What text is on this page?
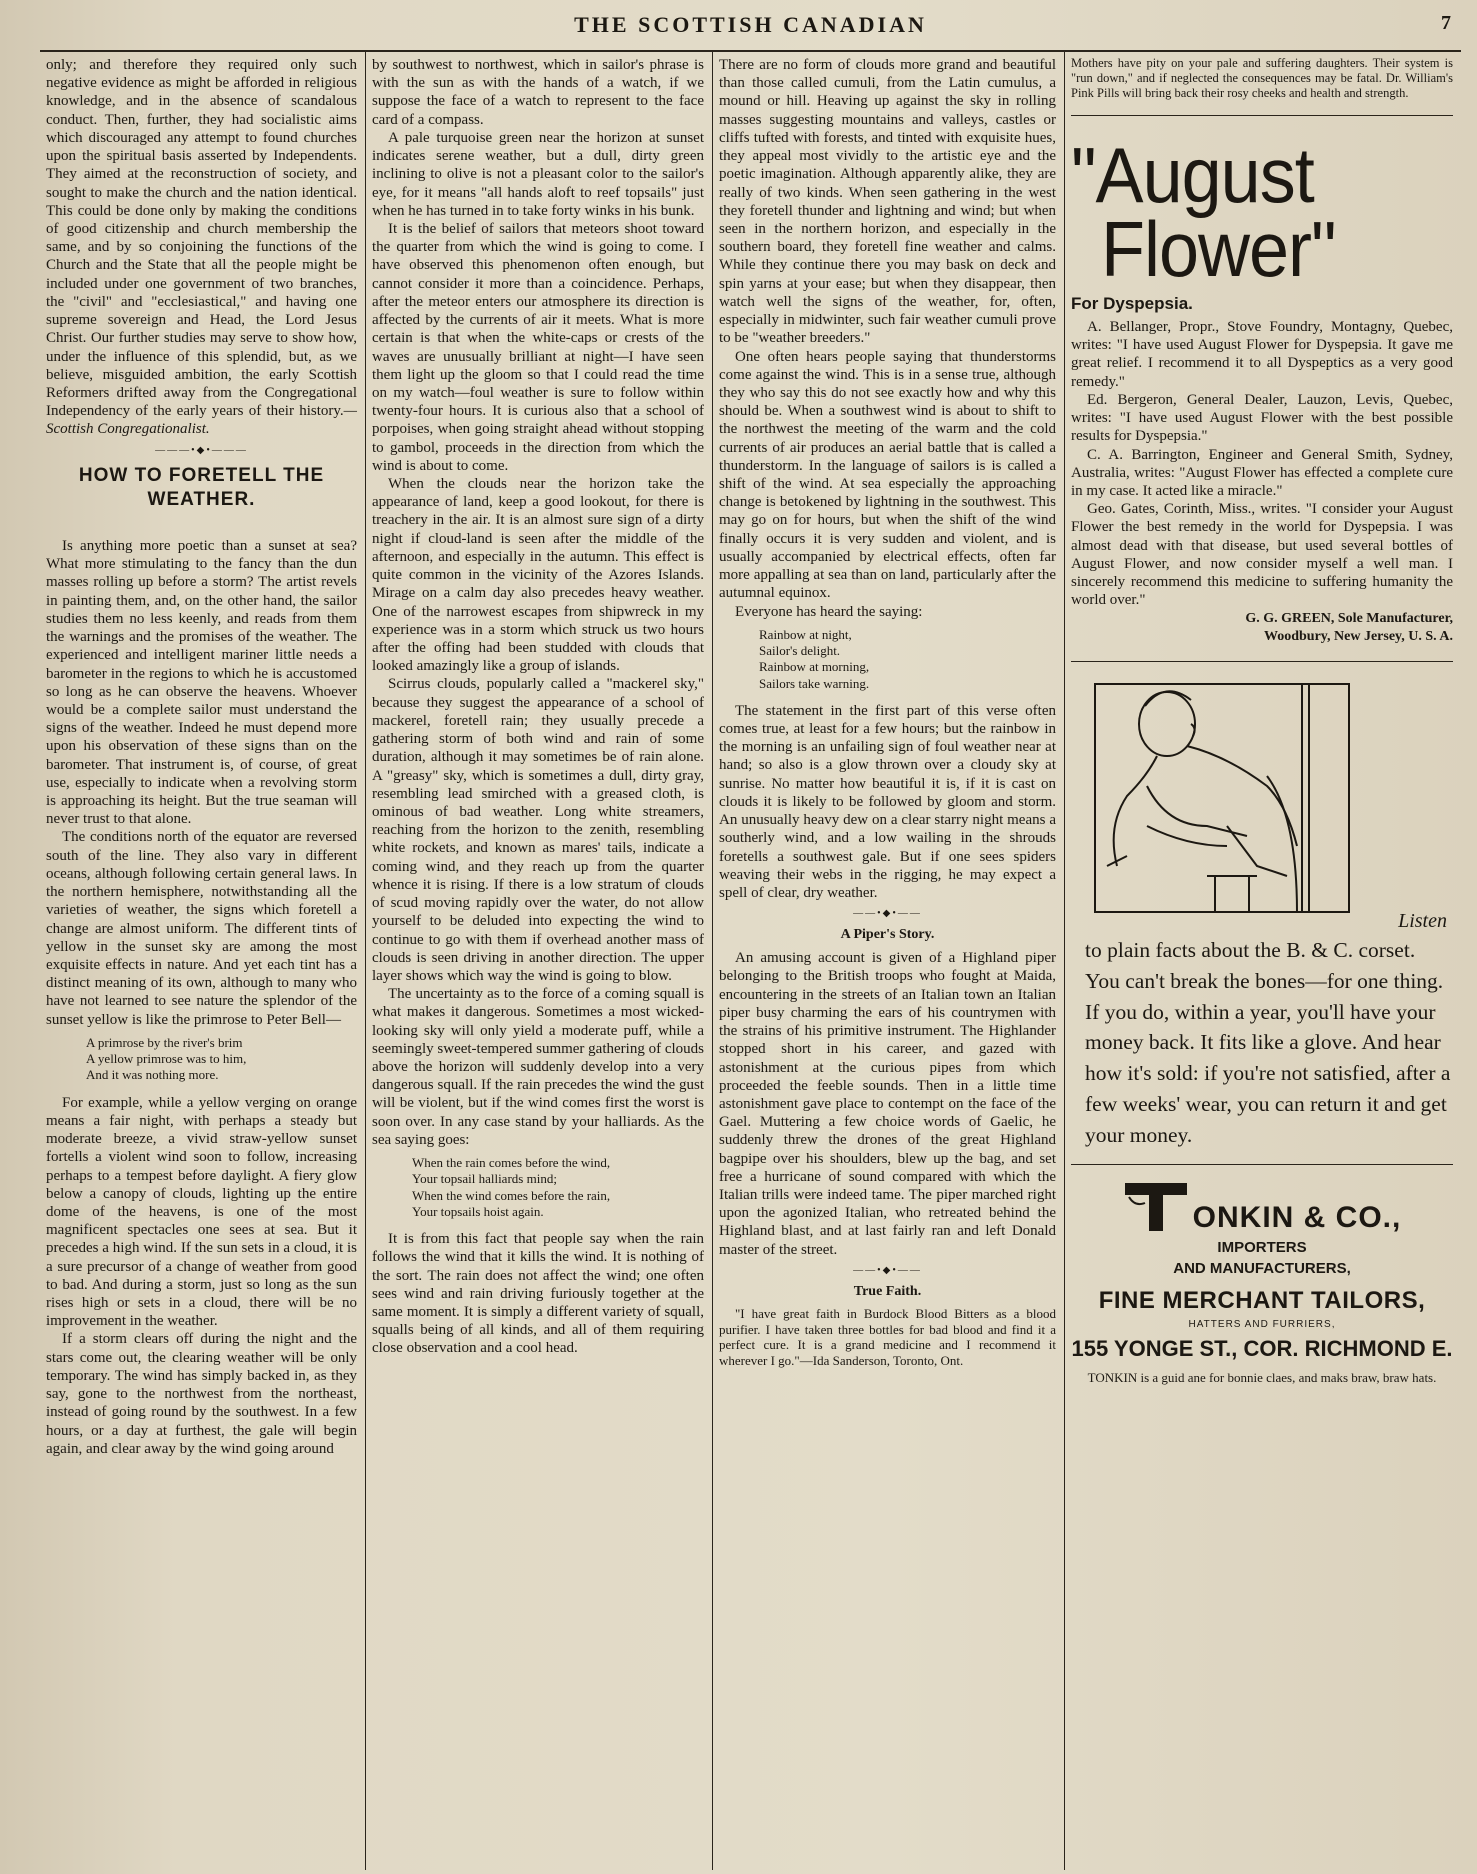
THE SCOTTISH CANADIAN	7

only; and therefore they required only such negative evidence as might be afforded in religious knowledge, and in the absence of scandalous conduct. Then, further, they had socialistic aims which discouraged any attempt to found churches upon the spiritual basis asserted by Independents. They aimed at the reconstruction of society, and sought to make the church and the nation identical. This could be done only by making the conditions of good citizenship and church membership the same, and by so conjoining the functions of the Church and the State that all the people might be included under one government of two branches, the "civil" and "ecclesiastical," and having one supreme sovereign and Head, the Lord Jesus Christ. Our further studies may serve to show how, under the influence of this splendid, but, as we believe, misguided ambition, the early Scottish Reformers drifted away from the Congregational Independency of the early years of their history.—Scottish Congregationalist.

———•◆•———
HOW TO FORETELL THE WEATHER.

Is anything more poetic than a sunset at sea? What more stimulating to the fancy than the dun masses rolling up before a storm? The artist revels in painting them, and, on the other hand, the sailor studies them no less keenly, and reads from them the warnings and the promises of the weather. The experienced and intelligent mariner little needs a barometer in the regions to which he is accustomed so long as he can observe the heavens. Whoever would be a complete sailor must understand the signs of the weather. Indeed he must depend more upon his observation of these signs than on the barometer. That instrument is, of course, of great use, especially to indicate when a revolving storm is approaching its height. But the true seaman will never trust to that alone.

The conditions north of the equator are reversed south of the line. They also vary in different oceans, although following certain general laws. In the northern hemisphere, notwithstanding all the varieties of weather, the signs which foretell a change are almost uniform. The different tints of yellow in the sunset sky are among the most exquisite effects in nature. And yet each tint has a distinct meaning of its own, although to many who have not learned to see nature the splendor of the sunset yellow is like the primrose to Peter Bell—

A primrose by the river's brim
A yellow primrose was to him,
And it was nothing more.

For example, while a yellow verging on orange means a fair night, with perhaps a steady but moderate breeze, a vivid straw-yellow sunset fortells a violent wind soon to follow, increasing perhaps to a tempest before daylight. A fiery glow below a canopy of clouds, lighting up the entire dome of the heavens, is one of the most magnificent spectacles one sees at sea. But it precedes a high wind. If the sun sets in a cloud, it is a sure precursor of a change of weather from good to bad. And during a storm, just so long as the sun rises high or sets in a cloud, there will be no improvement in the weather.

If a storm clears off during the night and the stars come out, the clearing weather will be only temporary. The wind has simply backed in, as they say, gone to the northwest from the northeast, instead of going round by the southwest. In a few hours, or a day at furthest, the gale will begin again, and clear away by the wind going around

by southwest to northwest, which in sailor's phrase is with the sun as with the hands of a watch, if we suppose the face of a watch to represent to the face card of a compass.

A pale turquoise green near the horizon at sunset indicates serene weather, but a dull, dirty green inclining to olive is not a pleasant color to the sailor's eye, for it means "all hands aloft to reef topsails" just when he has turned in to take forty winks in his bunk.

It is the belief of sailors that meteors shoot toward the quarter from which the wind is going to come. I have observed this phenomenon often enough, but cannot consider it more than a coincidence. Perhaps, after the meteor enters our atmosphere its direction is affected by the currents of air it meets. What is more certain is that when the white-caps or crests of the waves are unusually brilliant at night—I have seen them light up the gloom so that I could read the time on my watch—foul weather is sure to follow within twenty-four hours. It is curious also that a school of porpoises, when going straight ahead without stopping to gambol, proceeds in the direction from which the wind is about to come.

When the clouds near the horizon take the appearance of land, keep a good lookout, for there is treachery in the air. It is an almost sure sign of a dirty night if cloud-land is seen after the middle of the afternoon, and especially in the autumn. This effect is quite common in the vicinity of the Azores Islands. Mirage on a calm day also precedes heavy weather. One of the narrowest escapes from shipwreck in my experience was in a storm which struck us two hours after the offing had been studded with clouds that looked amazingly like a group of islands.

Scirrus clouds, popularly called a "mackerel sky," because they suggest the appearance of a school of mackerel, foretell rain; they usually precede a gathering storm of both wind and rain of some duration, although it may sometimes be of rain alone. A "greasy" sky, which is sometimes a dull, dirty gray, resembling lead smirched with a greased cloth, is ominous of bad weather. Long white streamers, reaching from the horizon to the zenith, resembling white rockets, and known as mares' tails, indicate a coming wind, and they reach up from the quarter whence it is rising. If there is a low stratum of clouds of scud moving rapidly over the water, do not allow yourself to be deluded into expecting the wind to continue to go with them if overhead another mass of clouds is seen driving in another direction. The upper layer shows which way the wind is going to blow.

The uncertainty as to the force of a coming squall is what makes it dangerous. Sometimes a most wicked-looking sky will only yield a moderate puff, while a seemingly sweet-tempered summer gathering of clouds above the horizon will suddenly develop into a very dangerous squall. If the rain precedes the wind the gust will be violent, but if the wind comes first the worst is soon over. In any case stand by your halliards. As the sea saying goes:

When the rain comes before the wind,
Your topsail halliards mind;
When the wind comes before the rain,
Your topsails hoist again.

It is from this fact that people say when the rain follows the wind that it kills the wind. It is nothing of the sort. The rain does not affect the wind; one often sees wind and rain driving furiously together at the same moment. It is simply a different variety of squall, squalls being of all kinds, and all of them requiring close observation and a cool head.

There are no form of clouds more grand and beautiful than those called cumuli, from the Latin cumulus, a mound or hill. Heaving up against the sky in rolling masses suggesting mountains and valleys, castles or cliffs tufted with forests, and tinted with exquisite hues, they appeal most vividly to the artistic eye and the poetic imagination. Although apparently alike, they are really of two kinds. When seen gathering in the west they foretell thunder and lightning and wind; but when seen in the northern horizon, and especially in the southern board, they foretell fine weather and calms. While they continue there you may bask on deck and spin yarns at your ease; but when they disappear, then watch well the signs of the weather, for, often, especially in midwinter, such fair weather cumuli prove to be "weather breeders."

One often hears people saying that thunderstorms come against the wind. This is in a sense true, although they who say this do not see exactly how and why this should be. When a southwest wind is about to shift to the northwest the meeting of the warm and the cold currents of air produces an aerial battle that is called a thunderstorm. In the language of sailors is is called a shift of the wind. At sea especially the approaching change is betokened by lightning in the southwest. This may go on for hours, but when the shift of the wind finally occurs it is very sudden and violent, and is usually accompanied by electrical effects, often far more appalling at sea than on land, particularly after the autumnal equinox.

Everyone has heard the saying:

Rainbow at night,
Sailor's delight.
Rainbow at morning,
Sailors take warning.

The statement in the first part of this verse often comes true, at least for a few hours; but the rainbow in the morning is an unfailing sign of foul weather near at hand; so also is a glow thrown over a cloudy sky at sunrise. No matter how beautiful it is, if it is cast on clouds it is likely to be followed by gloom and storm. An unusually heavy dew on a clear starry night means a southerly wind, and a low wailing in the shrouds foretells a southwest gale. But if one sees spiders weaving their webs in the rigging, he may expect a spell of clear, dry weather.

——•◆•——
A Piper's Story.

An amusing account is given of a Highland piper belonging to the British troops who fought at Maida, encountering in the streets of an Italian town an Italian piper busy charming the ears of his countrymen with the strains of his primitive instrument. The Highlander stopped short in his career, and gazed with astonishment at the curious pipes from which proceeded the feeble sounds. Then in a little time astonishment gave place to contempt on the face of the Gael. Muttering a few choice words of Gaelic, he suddenly threw the drones of the great Highland bagpipe over his shoulders, blew up the bag, and set free a hurricane of sound compared with which the Italian trills were indeed tame. The piper marched right upon the agonized Italian, who retreated behind the Highland blast, and at last fairly ran and left Donald master of the street.

——•◆•——
True Faith.

"I have great faith in Burdock Blood Bitters as a blood purifier. I have taken three bottles for bad blood and find it a perfect cure. It is a grand medicine and I recommend it wherever I go."—Ida Sanderson, Toronto, Ont.

Mothers have pity on your pale and suffering daughters. Their system is "run down," and if neglected the consequences may be fatal. Dr. William's Pink Pills will bring back their rosy cheeks and health and strength.
"August
Flower"
For Dyspepsia.

A. Bellanger, Propr., Stove Foundry, Montagny, Quebec, writes: "I have used August Flower for Dyspepsia. It gave me great relief. I recommend it to all Dyspeptics as a very good remedy."

Ed. Bergeron, General Dealer, Lauzon, Levis, Quebec, writes: "I have used August Flower with the best possible results for Dyspepsia."

C. A. Barrington, Engineer and General Smith, Sydney, Australia, writes: "August Flower has effected a complete cure in my case. It acted like a miracle."

Geo. Gates, Corinth, Miss., writes. "I consider your August Flower the best remedy in the world for Dyspepsia. I was almost dead with that disease, but used several bottles of August Flower, and now consider myself a well man. I sincerely recommend this medicine to suffering humanity the world over."

G. G. GREEN, Sole Manufacturer,
Woodbury, New Jersey, U. S. A.
Listen
to plain facts about the B. & C. corset. You can't break the bones—for one thing. If you do, within a year, you'll have your money back. It fits like a glove. And hear how it's sold: if you're not satisfied, after a few weeks' wear, you can return it and get your money.
ONKIN & CO.,
IMPORTERS
AND MANUFACTURERS,
FINE MERCHANT TAILORS,
HATTERS AND FURRIERS,
155 YONGE ST., COR. RICHMOND E.
TONKIN is a guid ane for bonnie claes, and maks braw, braw hats.
